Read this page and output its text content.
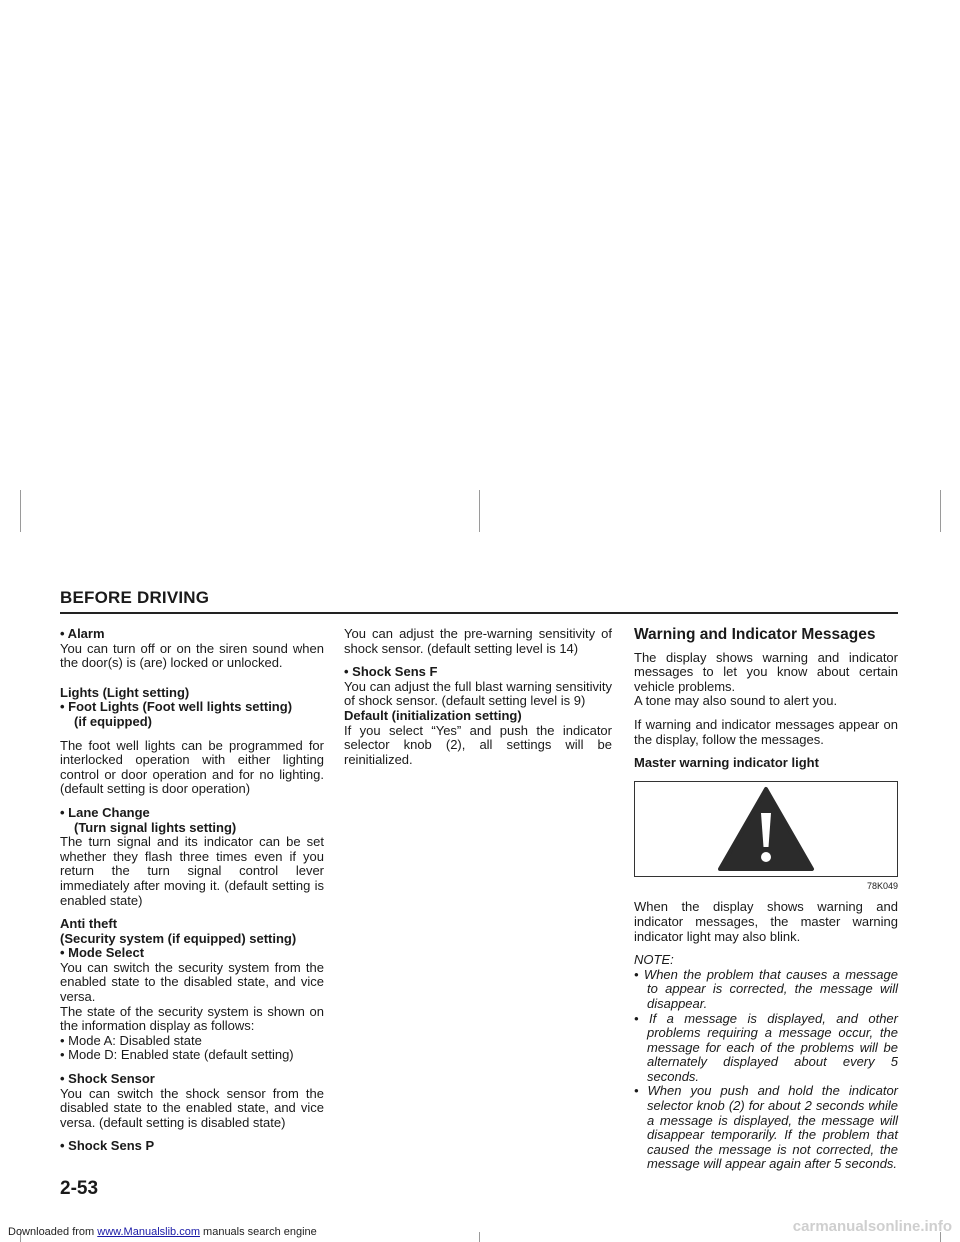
BEFORE DRIVING
• Alarm
You can turn off or on the siren sound when the door(s) is (are) locked or unlocked.
Lights (Light setting)
• Foot Lights (Foot well lights setting)
(if equipped)
The foot well lights can be programmed for interlocked operation with either lighting control or door operation and for no lighting. (default setting is door operation)
• Lane Change
(Turn signal lights setting)
The turn signal and its indicator can be set whether they flash three times even if you return the turn signal control lever immediately after moving it. (default setting is enabled state)
Anti theft
(Security system (if equipped) setting)
• Mode Select
You can switch the security system from the enabled state to the disabled state, and vice versa.
The state of the security system is shown on the information display as follows:
• Mode A: Disabled state
• Mode D: Enabled state (default setting)
• Shock Sensor
You can switch the shock sensor from the disabled state to the enabled state, and vice versa. (default setting is disabled state)
• Shock Sens P
You can adjust the pre-warning sensitivity of shock sensor. (default setting level is 14)
• Shock Sens F
You can adjust the full blast warning sensitivity of shock sensor. (default setting level is 9)
Default (initialization setting)
If you select “Yes” and push the indicator selector knob (2), all settings will be reinitialized.
Warning and Indicator Messages
The display shows warning and indicator messages to let you know about certain vehicle problems.
A tone may also sound to alert you.
If warning and indicator messages appear on the display, follow the messages.
Master warning indicator light
78K049
When the display shows warning and indicator messages, the master warning indicator light may also blink.
NOTE:
• When the problem that causes a message to appear is corrected, the message will disappear.
• If a message is displayed, and other problems requiring a message occur, the message for each of the problems will be alternately displayed about every 5 seconds.
• When you push and hold the indicator selector knob (2) for about 2 seconds while a message is displayed, the message will disappear temporarily. If the problem that caused the message is not corrected, the message will appear again after 5 seconds.
2-53
Downloaded from www.Manualslib.com manuals search engine	carmanualsonline.info
